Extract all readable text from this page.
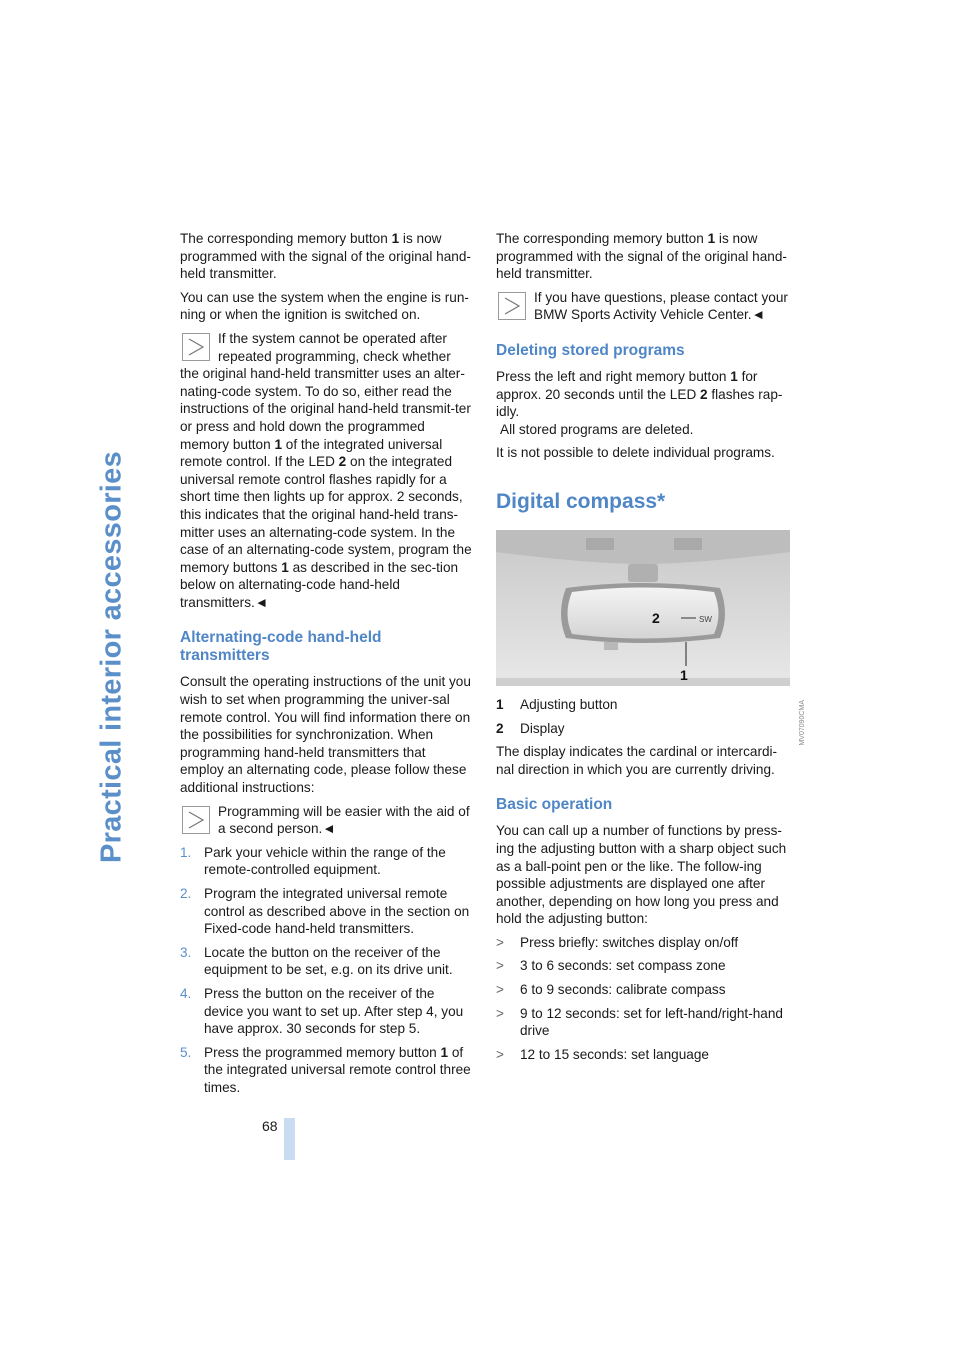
Practical interior accessories

The corresponding memory button 1 is now programmed with the signal of the original hand-held transmitter.

You can use the system when the engine is run-ning or when the ignition is switched on.

If the system cannot be operated after repeated programming, check whether the original hand-held transmitter uses an alter-nating-code system. To do so, either read the instructions of the original hand-held transmit-ter or press and hold down the programmed memory button 1 of the integrated universal remote control. If the LED 2 on the integrated universal remote control flashes rapidly for a short time then lights up for approx. 2 seconds, this indicates that the original hand-held trans-mitter uses an alternating-code system. In the case of an alternating-code system, program the memory buttons 1 as described in the sec-tion below on alternating-code hand-held transmitters.◄
Alternating-code hand-held transmitters

Consult the operating instructions of the unit you wish to set when programming the univer-sal remote control. You will find information there on the possibilities for synchronization. When programming hand-held transmitters that employ an alternating code, please follow these additional instructions:

Programming will be easier with the aid of a second person.◄
1. Park your vehicle within the range of the remote-controlled equipment.
2. Program the integrated universal remote control as described above in the section on Fixed-code hand-held transmitters.
3. Locate the button on the receiver of the equipment to be set, e.g. on its drive unit.
4. Press the button on the receiver of the device you want to set up. After step 4, you have approx. 30 seconds for step 5.
5. Press the programmed memory button 1 of the integrated universal remote control three times.

The corresponding memory button 1 is now programmed with the signal of the original hand-held transmitter.

If you have questions, please contact your BMW Sports Activity Vehicle Center.◄
Deleting stored programs

Press the left and right memory button 1 for approx. 20 seconds until the LED 2 flashes rap-idly.

All stored programs are deleted.

It is not possible to delete individual programs.

Digital compass*
2	SW
1
MV07090CMA
1	Adjusting button
2	Display

The display indicates the cardinal or intercardi-nal direction in which you are currently driving.

Basic operation

You can call up a number of functions by press-ing the adjusting button with a sharp object such as a ball-point pen or the like. The follow-ing possible adjustments are displayed one after another, depending on how long you press and hold the adjusting button:

> Press briefly: switches display on/off
> 3 to 6 seconds: set compass zone
> 6 to 9 seconds: calibrate compass
> 9 to 12 seconds: set for left-hand/right-hand drive
> 12 to 15 seconds: set language
68
